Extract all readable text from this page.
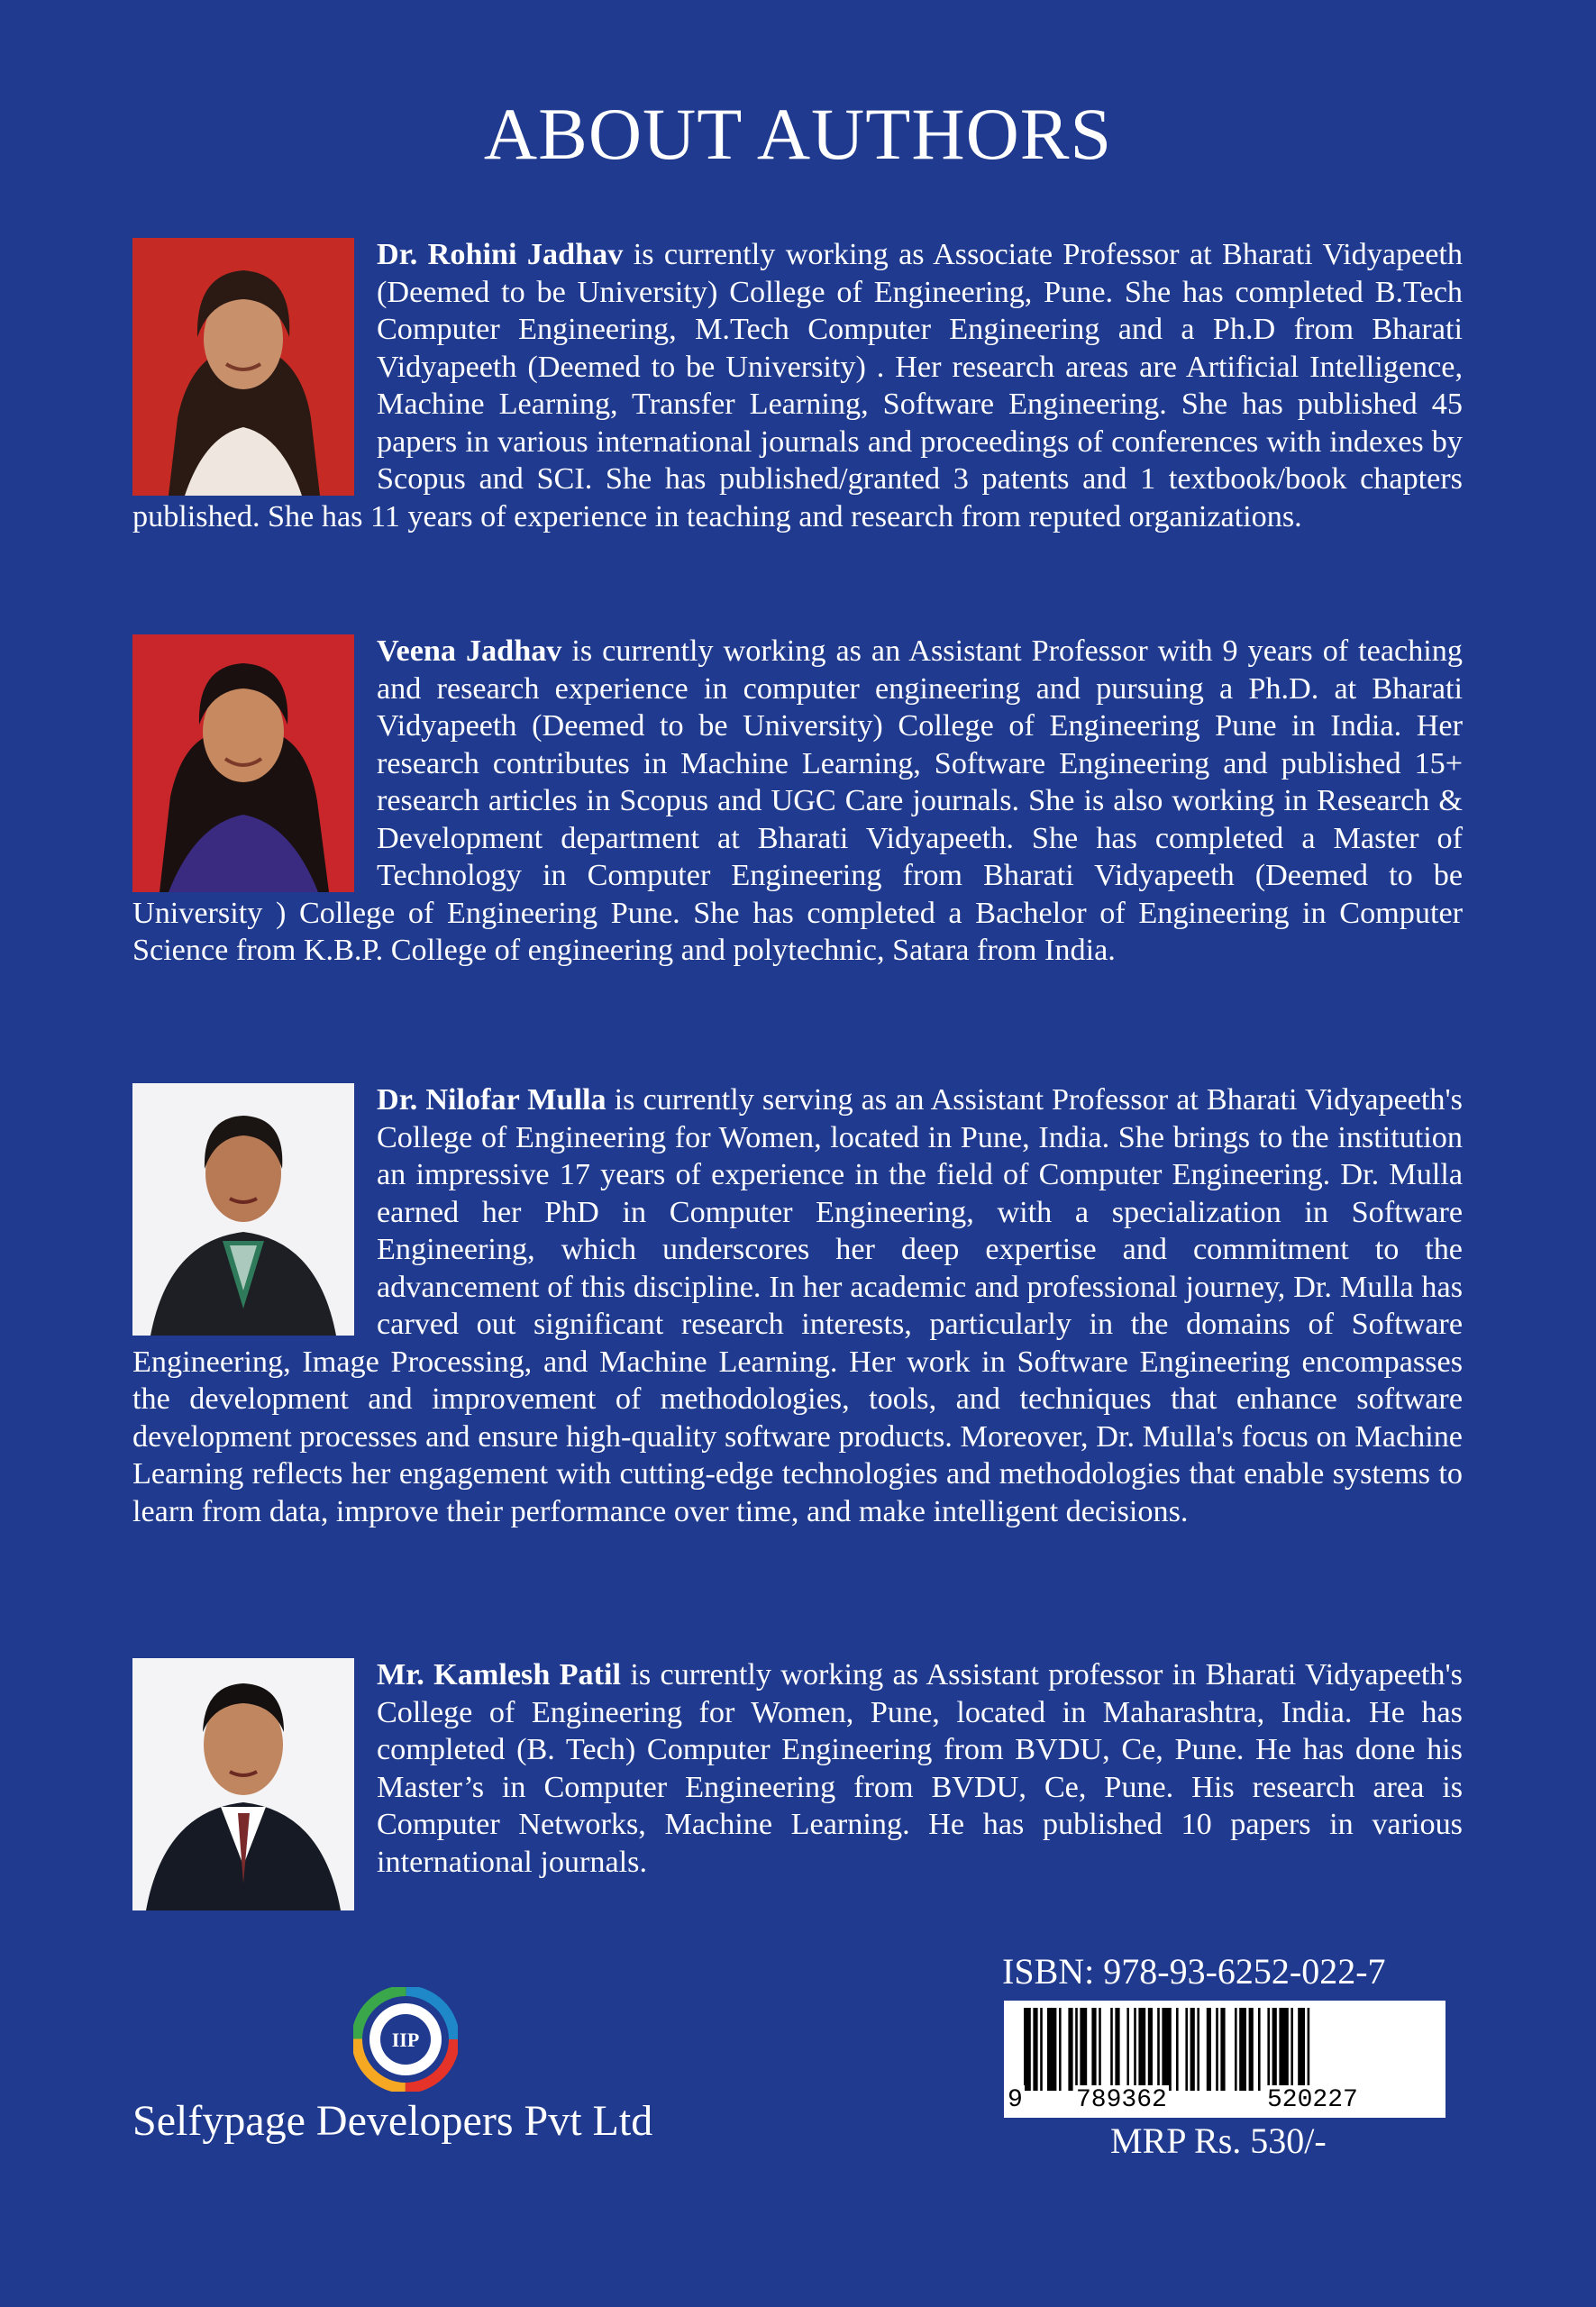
ABOUT AUTHORS
Dr. Rohini Jadhav is currently working as Associate Professor at Bharati Vidyapeeth (Deemed to be University) College of Engineering, Pune. She has completed B.Tech Computer Engineering, M.Tech Computer Engineering and a Ph.D from Bharati Vidyapeeth (Deemed to be University) . Her research areas are Artificial Intelligence, Machine Learning, Transfer Learning, Software Engineering. She has published 45 papers in various international journals and proceedings of conferences with indexes by Scopus and SCI. She has published/granted 3 patents and 1 textbook/book chapters published. She has 11 years of experience in teaching and research from reputed organizations.
Veena Jadhav is currently working as an Assistant Professor with 9 years of teaching and research experience in computer engineering and pursuing a Ph.D. at Bharati Vidyapeeth (Deemed to be University) College of Engineering Pune in India. Her research contributes in Machine Learning, Software Engineering and published 15+ research articles in Scopus and UGC Care journals. She is also working in Research & Development department at Bharati Vidyapeeth. She has completed a Master of Technology in Computer Engineering from Bharati Vidyapeeth (Deemed to be University ) College of Engineering Pune. She has completed a Bachelor of Engineering in Computer Science from K.B.P. College of engineering and polytechnic, Satara from India.
Dr. Nilofar Mulla is currently serving as an Assistant Professor at Bharati Vidyapeeth's College of Engineering for Women, located in Pune, India. She brings to the institution an impressive 17 years of experience in the field of Computer Engineering. Dr. Mulla earned her PhD in Computer Engineering, with a specialization in Software Engineering, which underscores her deep expertise and commitment to the advancement of this discipline. In her academic and professional journey, Dr. Mulla has carved out significant research interests, particularly in the domains of Software Engineering, Image Processing, and Machine Learning. Her work in Software Engineering encompasses the development and improvement of methodologies, tools, and techniques that enhance software development processes and ensure high-quality software products. Moreover, Dr. Mulla's focus on Machine Learning reflects her engagement with cutting-edge technologies and methodologies that enable systems to learn from data, improve their performance over time, and make intelligent decisions.
Mr. Kamlesh Patil is currently working as Assistant professor in Bharati Vidyapeeth's College of Engineering for Women, Pune, located in Maharashtra, India. He has completed (B. Tech) Computer Engineering from BVDU, Ce, Pune. He has done his Master’s in Computer Engineering from BVDU, Ce, Pune. His research area is Computer Networks, Machine Learning. He has published 10 papers in various international journals.
IIP

Selfypage Developers Pvt Ltd

ISBN: 978-93-6252-022-7
9 789362	520227
MRP Rs. 530/-
